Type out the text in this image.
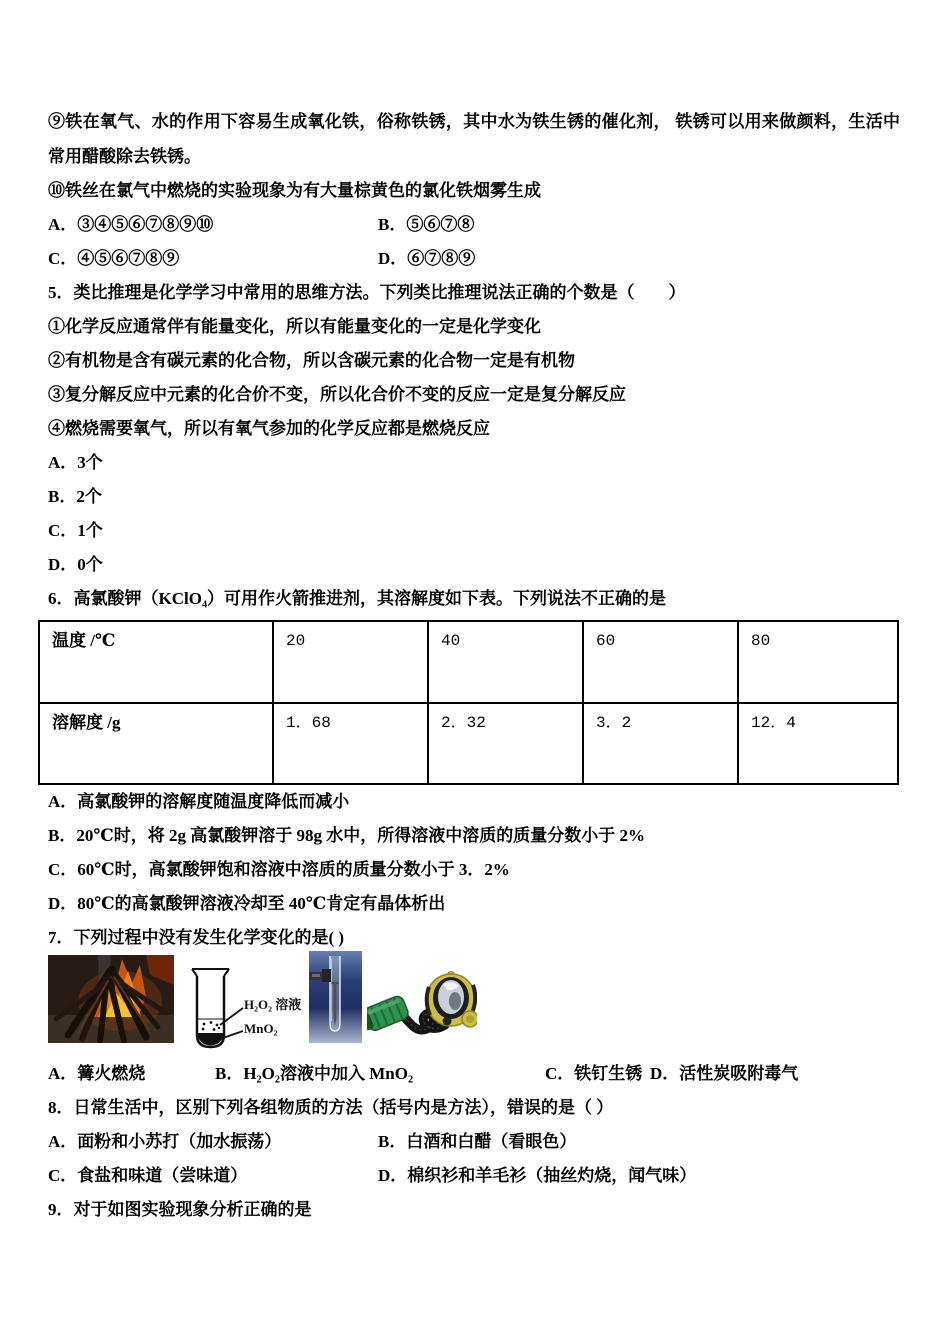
⑨铁在氧气、水的作用下容易生成氧化铁，俗称铁锈，其中水为铁生锈的催化剂， 铁锈可以用来做颜料，生活中常用醋酸除去铁锈。
⑩铁丝在氯气中燃烧的实验现象为有大量棕黄色的氯化铁烟雾生成
A．③④⑤⑥⑦⑧⑨⑩	B．⑤⑥⑦⑧
C．④⑤⑥⑦⑧⑨	D．⑥⑦⑧⑨
5．类比推理是化学学习中常用的思维方法。下列类比推理说法正确的个数是（　　）
①化学反应通常伴有能量变化，所以有能量变化的一定是化学变化
②有机物是含有碳元素的化合物，所以含碳元素的化合物一定是有机物
③复分解反应中元素的化合价不变，所以化合价不变的反应一定是复分解反应
④燃烧需要氧气，所以有氧气参加的化学反应都是燃烧反应
A．3个
B．2个
C．1个
D．0个
6．高氯酸钾（KClO₄）可用作火箭推进剂，其溶解度如下表。下列说法不正确的是
温度 /℃	20	40	60	80
溶解度 /g	1．68	2．32	3．2	12．4
A．高氯酸钾的溶解度随温度降低而减小
B．20℃时，将 2g 高氯酸钾溶于 98g 水中，所得溶液中溶质的质量分数小于 2%
C．60℃时，高氯酸钾饱和溶液中溶质的质量分数小于 3．2%
D．80℃的高氯酸钾溶液冷却至 40℃肯定有晶体析出
7．下列过程中没有发生化学变化的是( )
H₂O₂ 溶液
MnO₂
A．篝火燃烧	B．H₂O₂溶液中加入 MnO₂	C．铁钉生锈 D．活性炭吸附毒气
8．日常生活中，区别下列各组物质的方法（括号内是方法），错误的是（ ）
A．面粉和小苏打（加水振荡）	B．白酒和白醋（看眼色）
C．食盐和味道（尝味道）	D．棉织衫和羊毛衫（抽丝灼烧，闻气味）
9．对于如图实验现象分析正确的是
